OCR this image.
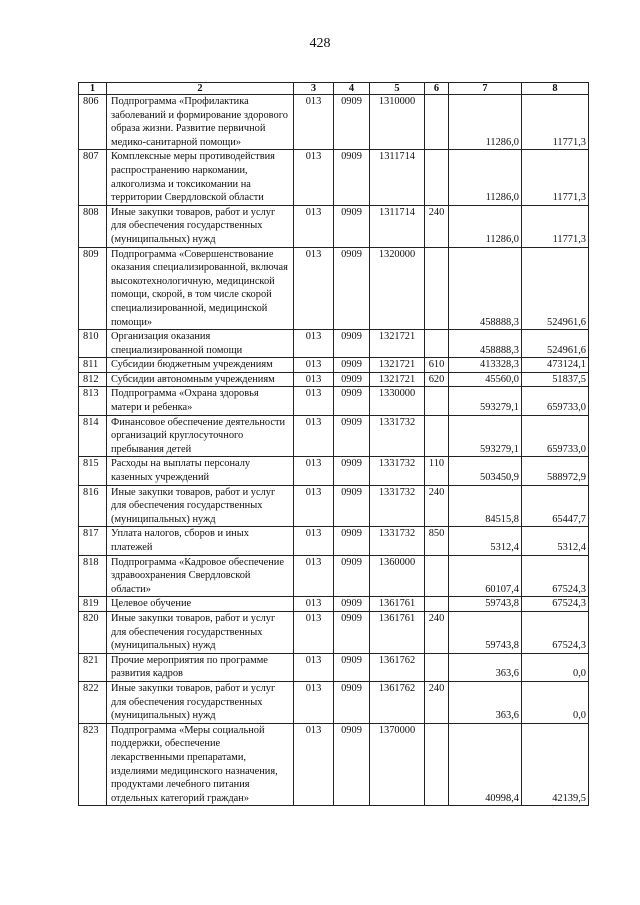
428
1	2	3	4	5	6	7	8
806	Подпрограмма «Профилактика заболеваний и формирование здорового образа жизни. Развитие первичной медико-санитарной помощи»	013	0909	1310000		11286,0	11771,3
807	Комплексные меры противодействия распространению наркомании, алкоголизма и токсикомании на территории Свердловской области	013	0909	1311714		11286,0	11771,3
808	Иные закупки товаров, работ и услуг для обеспечения государственных (муниципальных) нужд	013	0909	1311714	240	11286,0	11771,3
809	Подпрограмма «Совершенствование оказания специализированной, включая высокотехнологичную, медицинской помощи, скорой, в том числе скорой специализированной, медицинской помощи»	013	0909	1320000		458888,3	524961,6
810	Организация оказания специализированной помощи	013	0909	1321721		458888,3	524961,6
811	Субсидии бюджетным учреждениям	013	0909	1321721	610	413328,3	473124,1
812	Субсидии автономным учреждениям	013	0909	1321721	620	45560,0	51837,5
813	Подпрограмма «Охрана здоровья матери и ребенка»	013	0909	1330000		593279,1	659733,0
814	Финансовое обеспечение деятельности организаций круглосуточного пребывания детей	013	0909	1331732		593279,1	659733,0
815	Расходы на выплаты персоналу казенных учреждений	013	0909	1331732	110	503450,9	588972,9
816	Иные закупки товаров, работ и услуг для обеспечения государственных (муниципальных) нужд	013	0909	1331732	240	84515,8	65447,7
817	Уплата налогов, сборов и иных платежей	013	0909	1331732	850	5312,4	5312,4
818	Подпрограмма «Кадровое обеспечение здравоохранения Свердловской области»	013	0909	1360000		60107,4	67524,3
819	Целевое обучение	013	0909	1361761		59743,8	67524,3
820	Иные закупки товаров, работ и услуг для обеспечения государственных (муниципальных) нужд	013	0909	1361761	240	59743,8	67524,3
821	Прочие мероприятия по программе развития кадров	013	0909	1361762		363,6	0,0
822	Иные закупки товаров, работ и услуг для обеспечения государственных (муниципальных) нужд	013	0909	1361762	240	363,6	0,0
823	Подпрограмма «Меры социальной поддержки, обеспечение лекарственными препаратами, изделиями медицинского назначения, продуктами лечебного питания отдельных категорий граждан»	013	0909	1370000		40998,4	42139,5
